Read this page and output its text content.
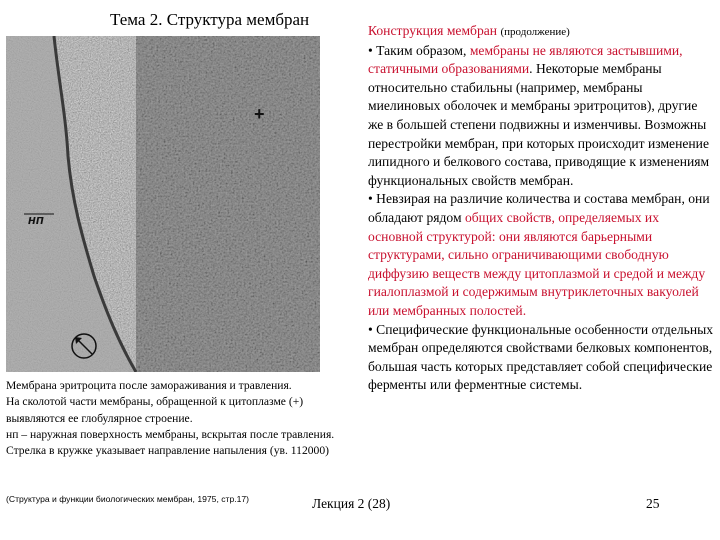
Тема 2. Структура мембран
+
нп

Мембрана эритроцита после замораживания и травления.

На сколотой части мембраны, обращенной к цитоплазме (+) выявляются ее глобулярное строение.

нп – наружная поверхность мембраны, вскрытая после травления. Стрелка в кружке указывает направление напыления (ув. 112000)

(Структура и функции биологических мембран, 1975, стр.17)

Конструкция мембран (продолжение)

• Таким образом, мембраны не являются застывшими, статичными образованиями. Некоторые мембраны относительно стабильны (например, мембраны миелиновых оболочек и мембраны эритроцитов), другие же в большей степени подвижны и изменчивы. Возможны перестройки мембран, при которых происходит изменение липидного и белкового состава, приводящие к изменениям функциональных свойств мембран.

• Невзирая на различие количества и состава мембран, они обладают рядом общих свойств, определяемых их основной структурой: они являются барьерными структурами, сильно ограничивающими свободную диффузию веществ между цитоплазмой и средой и между гиалоплазмой и содержимым внутриклеточных вакуолей или мембранных полостей.

• Специфические функциональные особенности отдельных мембран определяются свойствами белковых компонентов, большая часть которых представляет собой специфические ферменты или ферментные системы.

Лекция 2 (28)	25
